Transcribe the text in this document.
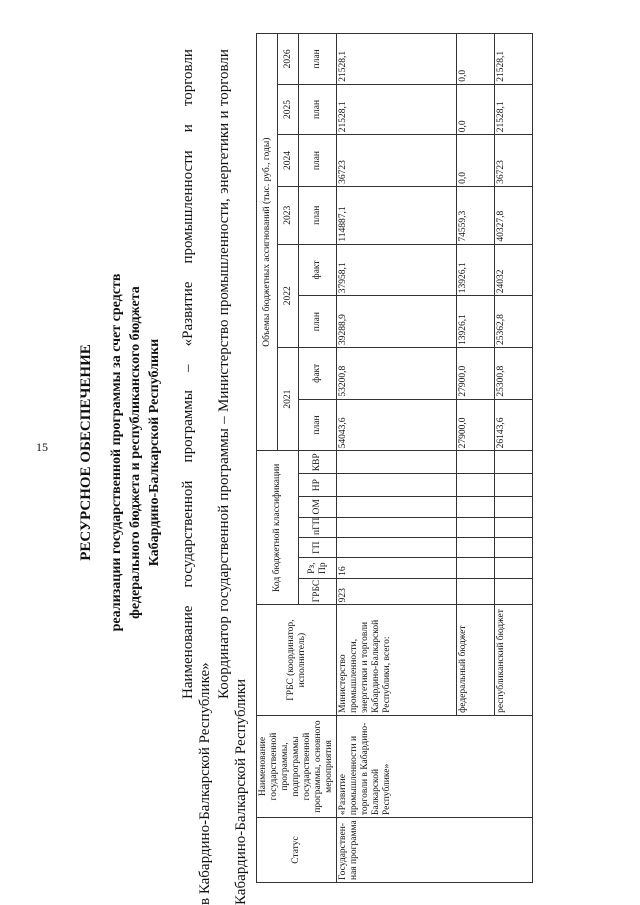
15 РЕСУРСНОЕ ОБЕСПЕЧЕНИЕ реализации государственной программы за счет средств федерального бюджета и республиканского бюджета Кабардино-Балкарской Республики
Наименование
государственной
программы
–
«Развитие
промышленности
и
торговли
в Кабардино-Балкарской Республике»
Координатор
государственной
программы
–
Министерство
промышленности,
энергетики
и
торговли
Кабардино-Балкарской Республики	Статус	Наименование государственной программы, подпрограммы государственной программы, основного мероприятия	ГРБС (координатор, исполнитель)	Код бюджетной классификации							Объемы бюджетных ассигнований (тыс. руб., годы)							
										2021		2022		2023	2024	2025	2026
			ГРБС	Рз, Пр	ГП	пГП	ОМ	НР	КВР	план	факт	план	факт	план	план	план	план
Государствен- ная программа	«Развитие промышленности и торговли в Кабардино-Балкарской Республике»	Министерство промышленности, энергетики и торговли Кабардино-Балкарской Республики, всего:	923	16						54043,6	53200,8	39288,9	37958,1	114887,1	36723	21528,1	21528,1
		федеральный бюджет								27900,0	27900,0	13926,1	13926,1	74559,3	0,0	0,0	0,0
		республиканский бюджет								26143,6	25300,8	25362,8	24032	40327,8	36723	21528,1	21528,1
